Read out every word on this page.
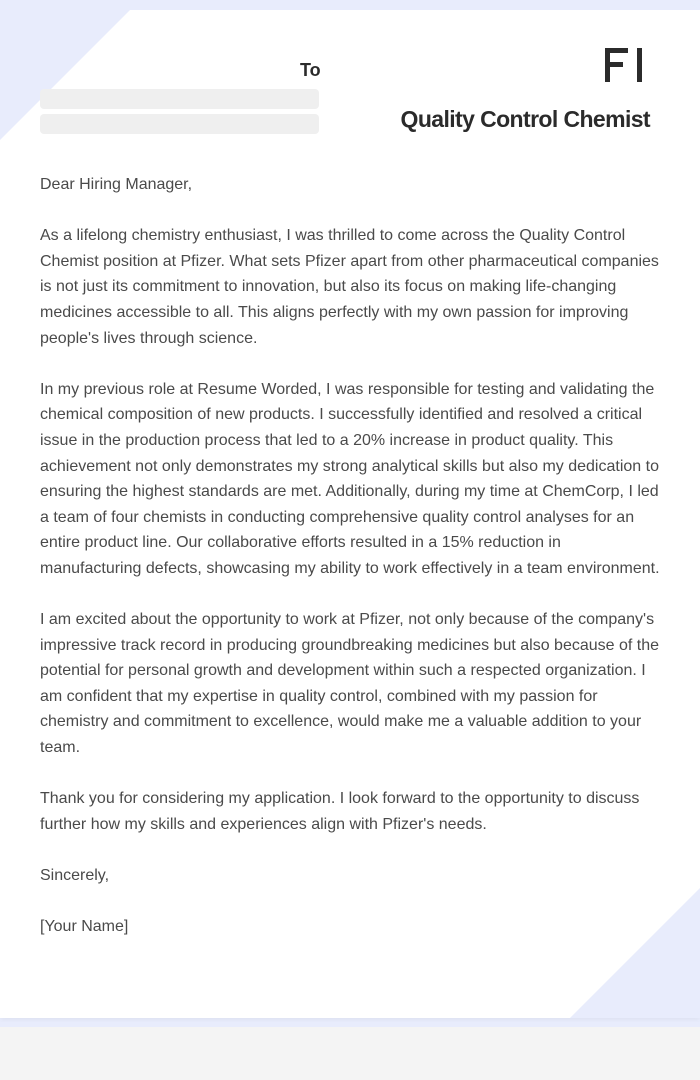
To
Quality Control Chemist

Dear Hiring Manager,

As a lifelong chemistry enthusiast, I was thrilled to come across the Quality Control Chemist position at Pfizer. What sets Pfizer apart from other pharmaceutical companies is not just its commitment to innovation, but also its focus on making life-changing medicines accessible to all. This aligns perfectly with my own passion for improving people's lives through science.

In my previous role at Resume Worded, I was responsible for testing and validating the chemical composition of new products. I successfully identified and resolved a critical issue in the production process that led to a 20% increase in product quality. This achievement not only demonstrates my strong analytical skills but also my dedication to ensuring the highest standards are met. Additionally, during my time at ChemCorp, I led a team of four chemists in conducting comprehensive quality control analyses for an entire product line. Our collaborative efforts resulted in a 15% reduction in manufacturing defects, showcasing my ability to work effectively in a team environment.

I am excited about the opportunity to work at Pfizer, not only because of the company's impressive track record in producing groundbreaking medicines but also because of the potential for personal growth and development within such a respected organization. I am confident that my expertise in quality control, combined with my passion for chemistry and commitment to excellence, would make me a valuable addition to your team.

Thank you for considering my application. I look forward to the opportunity to discuss further how my skills and experiences align with Pfizer's needs.

Sincerely,

[Your Name]
